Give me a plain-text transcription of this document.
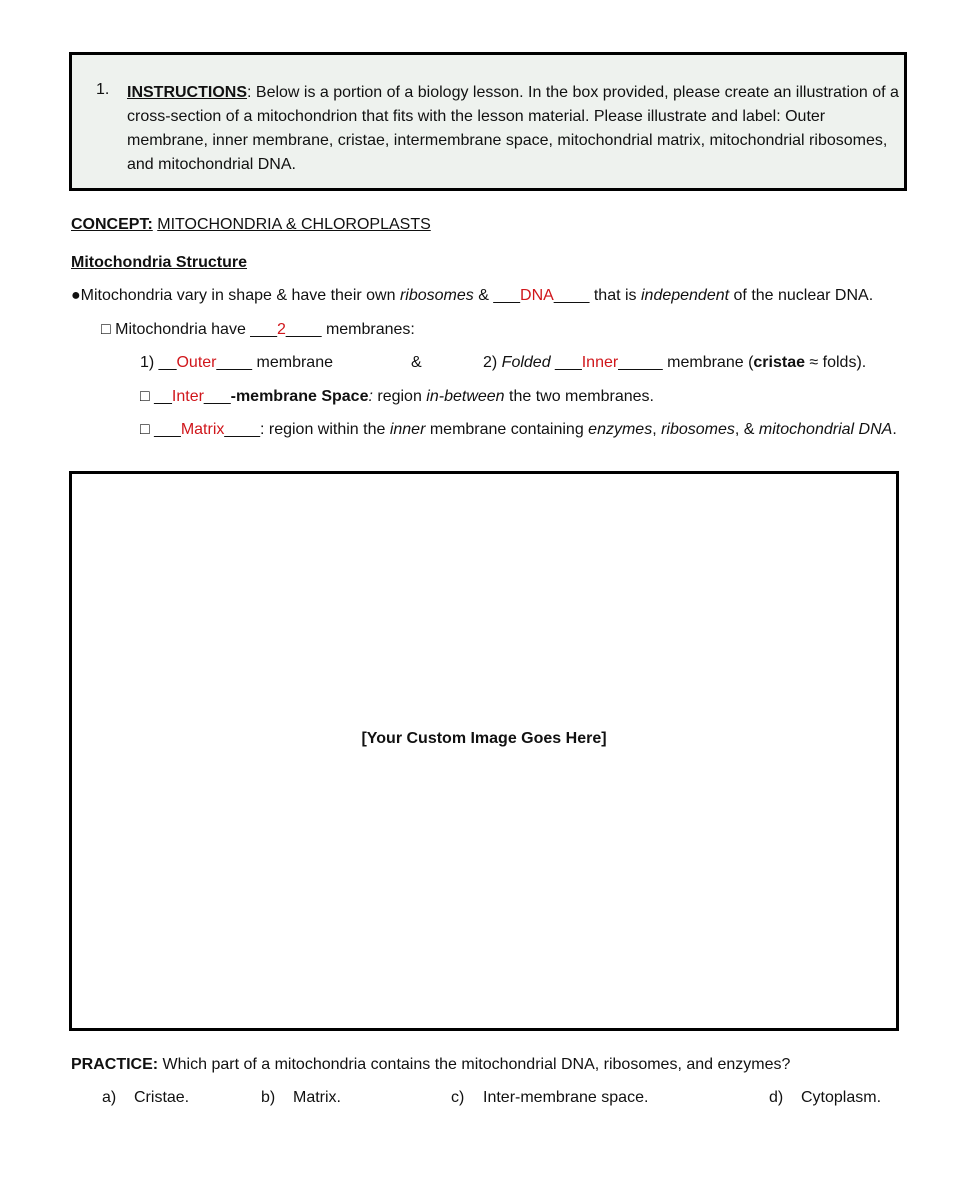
1. INSTRUCTIONS: Below is a portion of a biology lesson. In the box provided, please create an illustration of a cross-section of a mitochondrion that fits with the lesson material. Please illustrate and label: Outer membrane, inner membrane, cristae, intermembrane space, mitochondrial matrix, mitochondrial ribosomes, and mitochondrial DNA.
CONCEPT: MITOCHONDRIA & CHLOROPLASTS
Mitochondria Structure
●Mitochondria vary in shape & have their own ribosomes & ___DNA____ that is independent of the nuclear DNA.
□ Mitochondria have ___2____ membranes:
1) __Outer____ membrane	&	2) Folded ___Inner_____ membrane (cristae ≈ folds).
□ __Inter___-membrane Space: region in-between the two membranes.
□ ___Matrix____: region within the inner membrane containing enzymes, ribosomes, & mitochondrial DNA.
[Your Custom Image Goes Here]
PRACTICE: Which part of a mitochondria contains the mitochondrial DNA, ribosomes, and enzymes?
a) Cristae.	b) Matrix.	c) Inter-membrane space.	d) Cytoplasm.
